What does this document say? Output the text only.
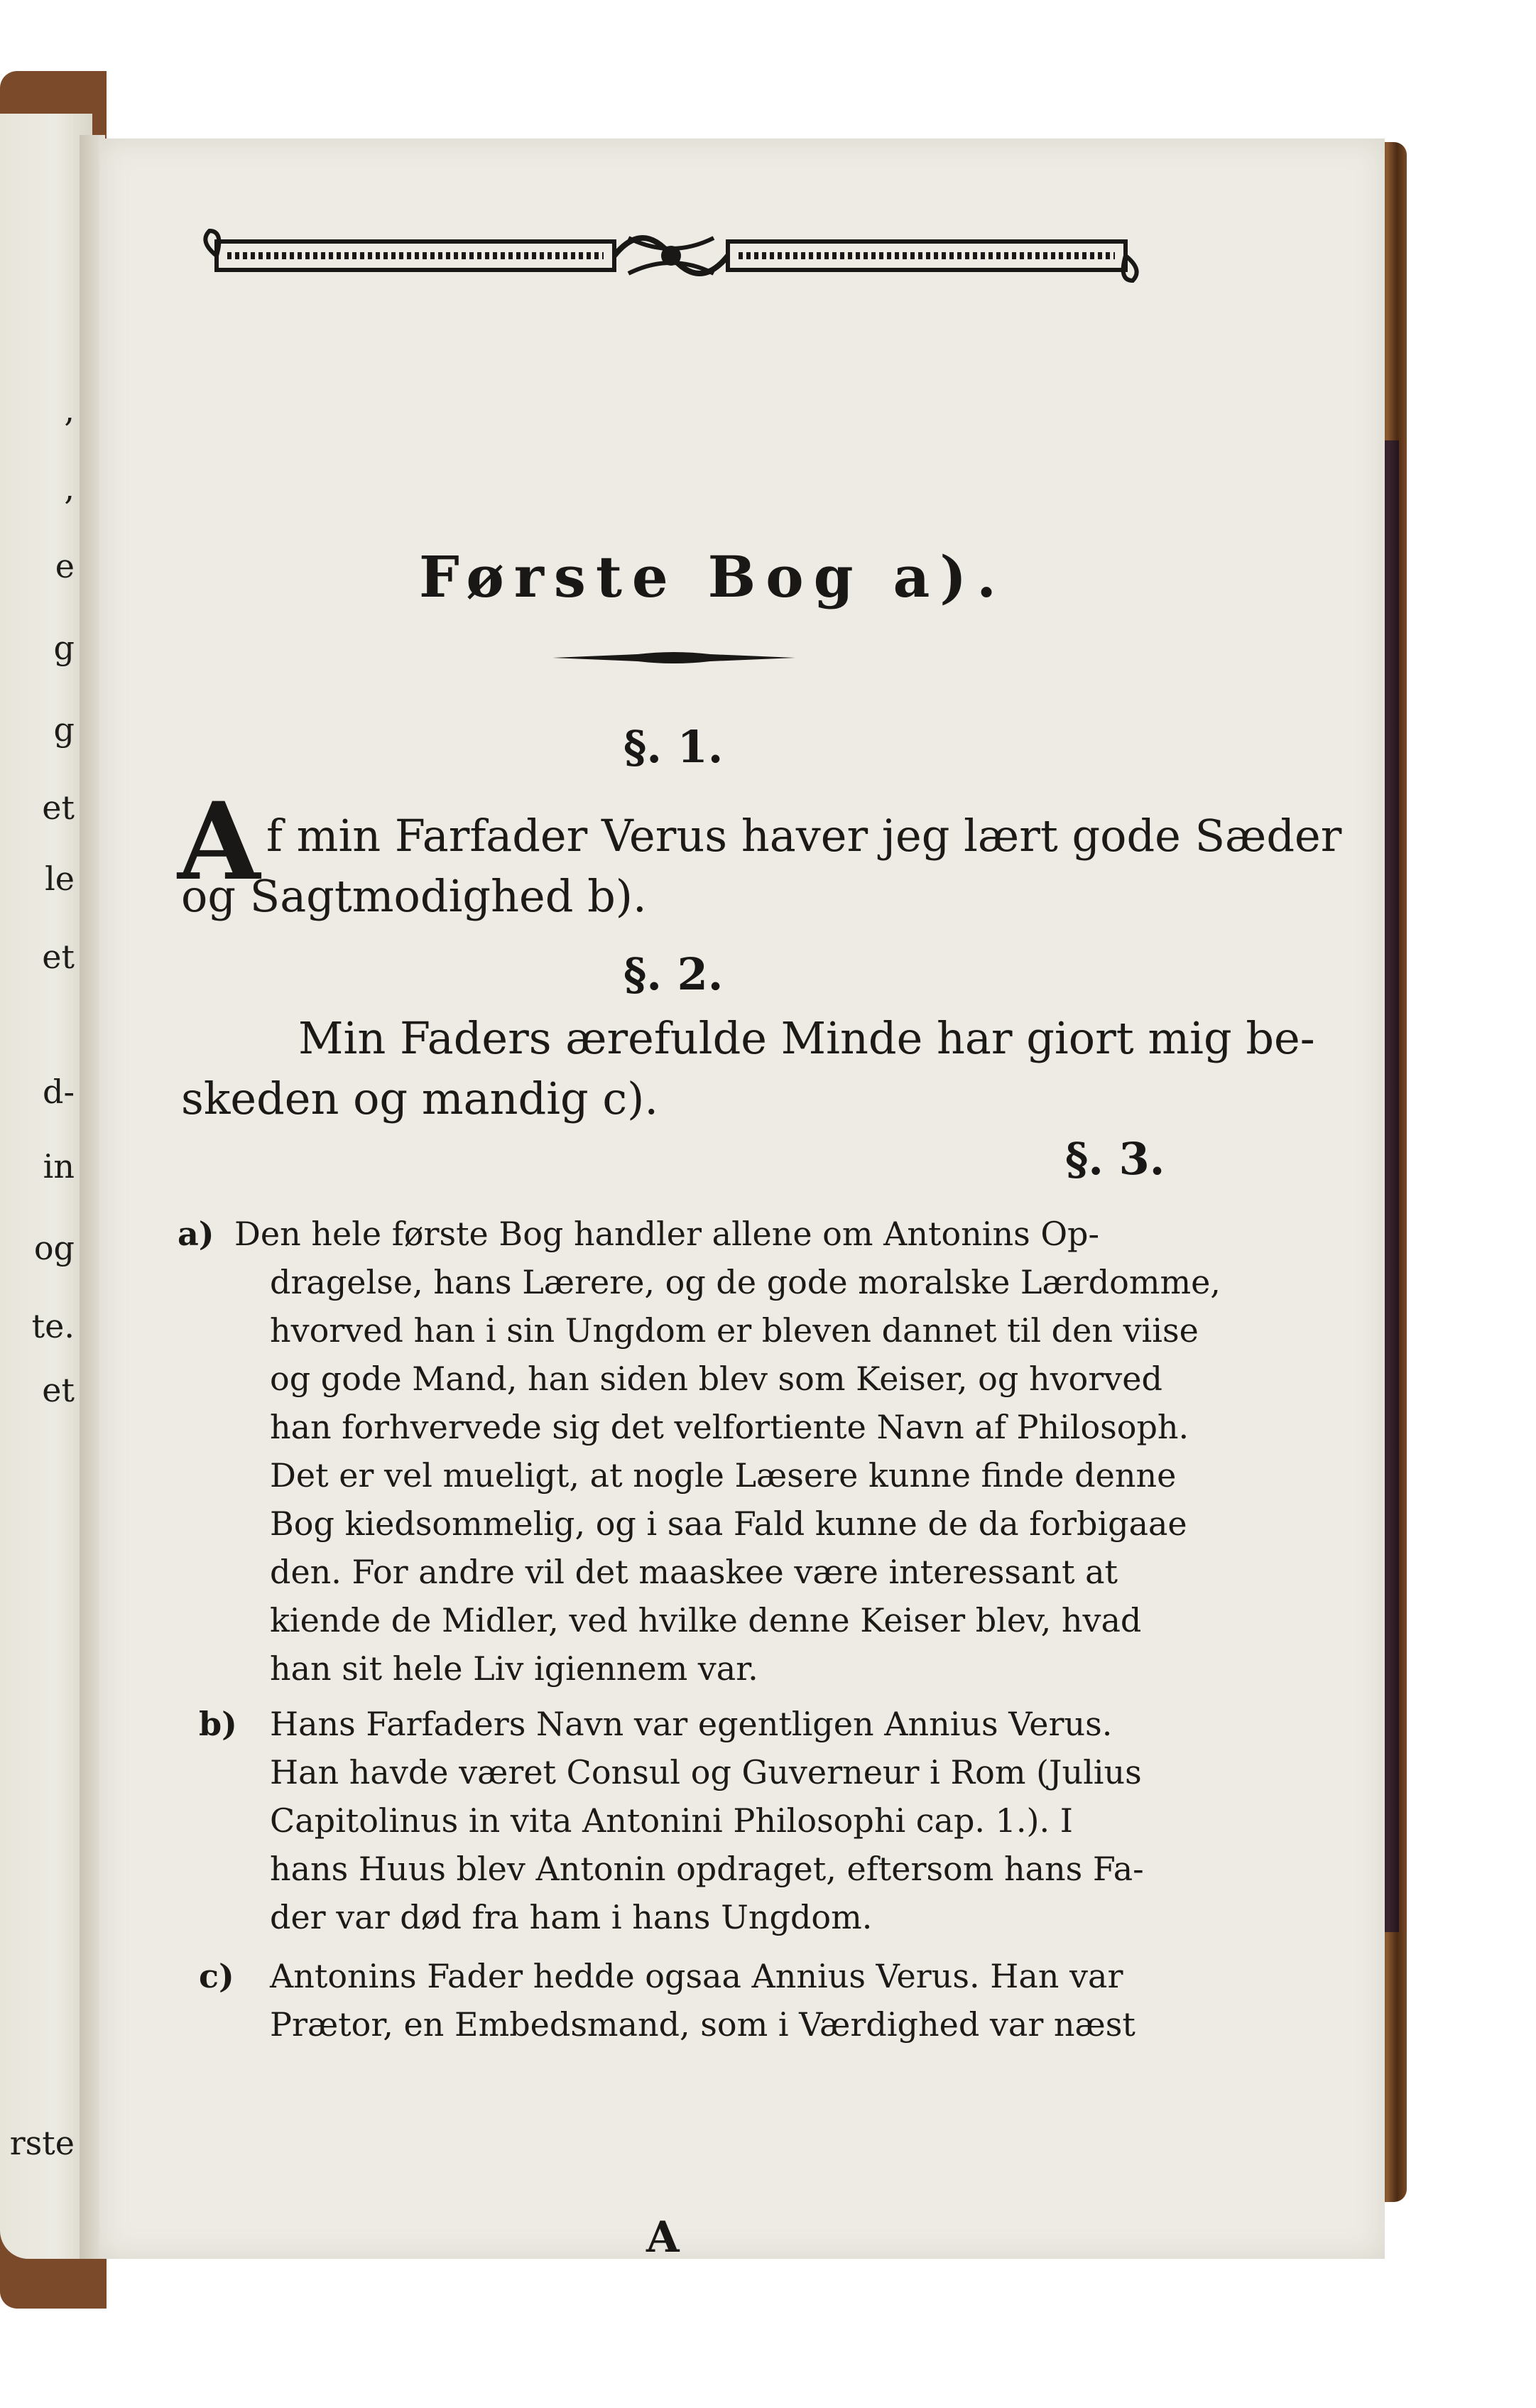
,
,
e
g
g
et
le
et
d-
in
og
te.
et
rste
Første Bog a).
§. 1.
A f min Farfader Verus haver jeg lært gode Sæder
og Sagtmodighed b).
§. 2.
Min Faders ærefulde Minde har giort mig be-
skeden og mandig c).
§. 3.
a) Den hele første Bog handler allene om Antonins Op-
dragelse, hans Lærere, og de gode moralske Lærdomme,
hvorved han i sin Ungdom er bleven dannet til den viise
og gode Mand, han siden blev som Keiser, og hvorved
han forhvervede sig det velfortiente Navn af Philosoph.
Det er vel mueligt, at nogle Læsere kunne finde denne
Bog kiedsommelig, og i saa Fald kunne de da forbigaae
den. For andre vil det maaskee være interessant at
kiende de Midler, ved hvilke denne Keiser blev, hvad
han sit hele Liv igiennem var.
b) Hans Farfaders Navn var egentligen Annius Verus.
Han havde været Consul og Guverneur i Rom (Julius
Capitolinus in vita Antonini Philosophi cap. 1.). I
hans Huus blev Antonin opdraget, eftersom hans Fa-
der var død fra ham i hans Ungdom.
c) Antonins Fader hedde ogsaa Annius Verus. Han var
Prætor, en Embedsmand, som i Værdighed var næst
A
